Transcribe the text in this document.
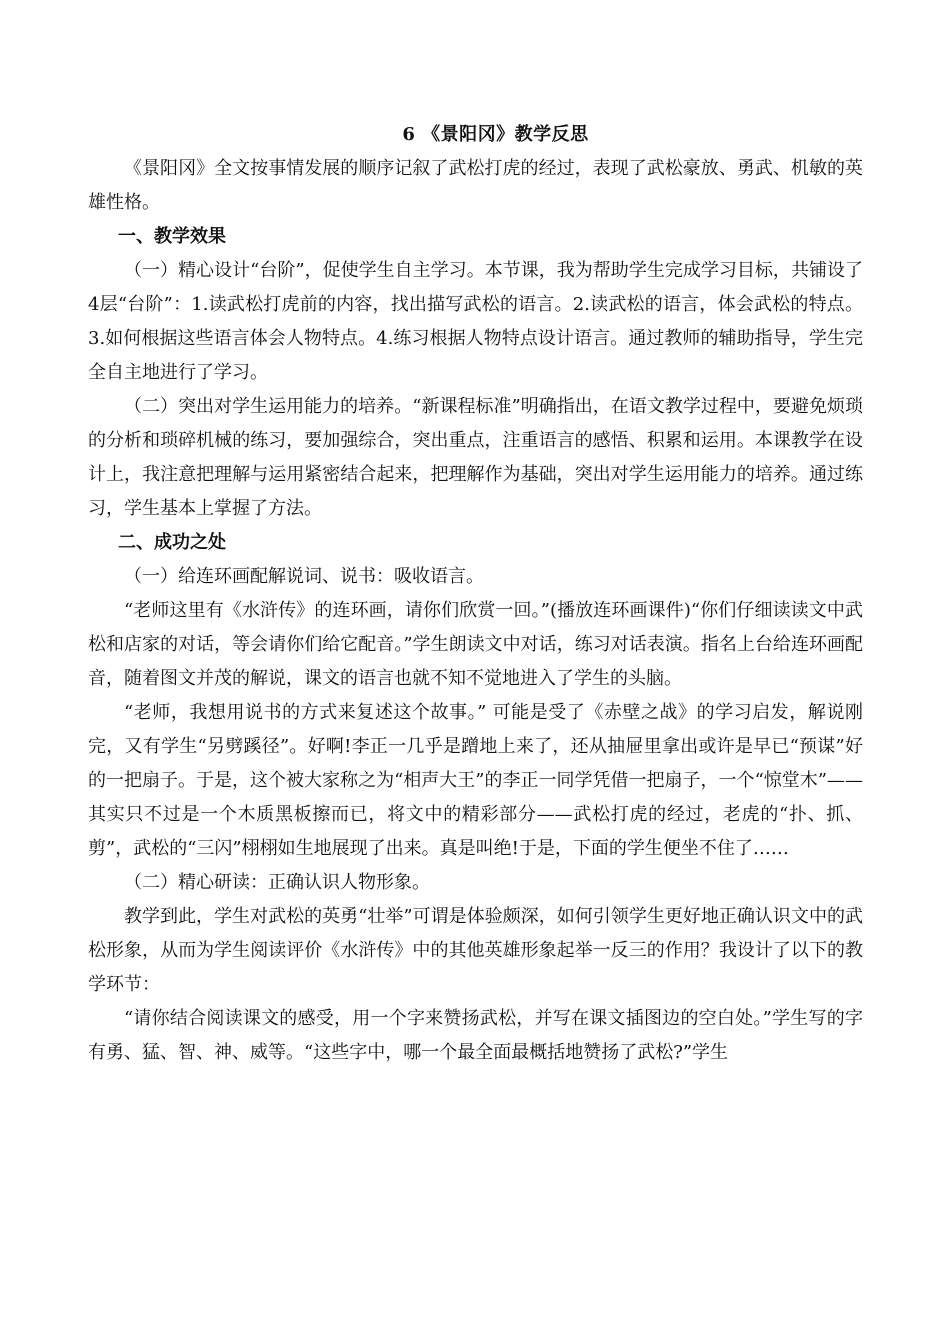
6 《景阳冈》教学反思

《景阳冈》全文按事情发展的顺序记叙了武松打虎的经过，表现了武松豪放、勇武、机敏的英雄性格。

一、教学效果

（一）精心设计“台阶”，促使学生自主学习。本节课，我为帮助学生完成学习目标，共铺设了4层“台阶”：1.读武松打虎前的内容，找出描写武松的语言。2.读武松的语言，体会武松的特点。3.如何根据这些语言体会人物特点。4.练习根据人物特点设计语言。通过教师的辅助指导，学生完全自主地进行了学习。

（二）突出对学生运用能力的培养。“新课程标准”明确指出，在语文教学过程中，要避免烦琐的分析和琐碎机械的练习，要加强综合，突出重点，注重语言的感悟、积累和运用。本课教学在设计上，我注意把理解与运用紧密结合起来，把理解作为基础，突出对学生运用能力的培养。通过练习，学生基本上掌握了方法。

二、成功之处

（一）给连环画配解说词、说书：吸收语言。

“老师这里有《水浒传》的连环画，请你们欣赏一回。”(播放连环画课件)“你们仔细读读文中武松和店家的对话，等会请你们给它配音。”学生朗读文中对话，练习对话表演。指名上台给连环画配音，随着图文并茂的解说，课文的语言也就不知不觉地进入了学生的头脑。

“老师，我想用说书的方式来复述这个故事。” 可能是受了《赤壁之战》的学习启发，解说刚完，又有学生“另劈蹊径”。好啊!李正一几乎是蹭地上来了，还从抽屉里拿出或许是早已“预谋”好的一把扇子。于是，这个被大家称之为“相声大王”的李正一同学凭借一把扇子，一个“惊堂木”——其实只不过是一个木质黑板擦而已，将文中的精彩部分——武松打虎的经过，老虎的“扑、抓、剪”，武松的“三闪”栩栩如生地展现了出来。真是叫绝!于是，下面的学生便坐不住了……

（二）精心研读：正确认识人物形象。

教学到此，学生对武松的英勇“壮举”可谓是体验颇深，如何引领学生更好地正确认识文中的武松形象，从而为学生阅读评价《水浒传》中的其他英雄形象起举一反三的作用？我设计了以下的教学环节：

“请你结合阅读课文的感受，用一个字来赞扬武松，并写在课文插图边的空白处。”学生写的字有勇、猛、智、神、威等。“这些字中，哪一个最全面最概括地赞扬了武松?”学生
